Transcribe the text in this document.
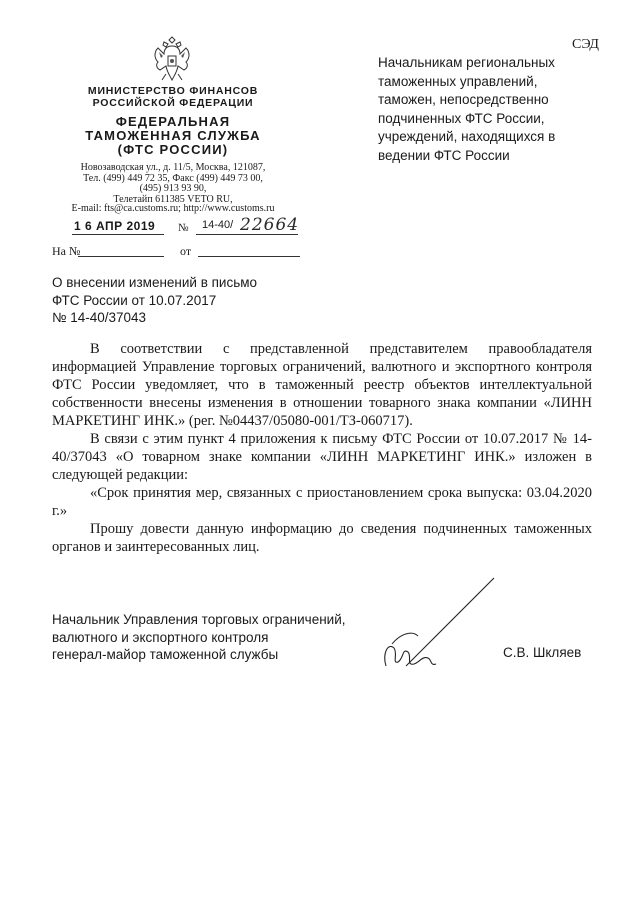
СЭД
МИНИСТЕРСТВО ФИНАНСОВ
РОССИЙСКОЙ ФЕДЕРАЦИИ
ФЕДЕРАЛЬНАЯ
ТАМОЖЕННАЯ СЛУЖБА
(ФТС РОССИИ)
Новозаводская ул., д. 11/5, Москва, 121087,
Тел. (499) 449 72 35, Факс (499) 449 73 00,
(495) 913 93 90,
Телетайп 611385 VETO RU,
E-mail: fts@ca.customs.ru; http://www.customs.ru
1 6 АПР 2019 № 14-40/ 22664
На №	от
Начальникам региональных
таможенных управлений,
таможен, непосредственно
подчиненных ФТС России,
учреждений, находящихся в
ведении ФТС России
О внесении изменений в письмо
ФТС России от 10.07.2017
№ 14-40/37043

В соответствии с представленной представителем правообладателя информацией Управление торговых ограничений, валютного и экспортного контроля ФТС России уведомляет, что в таможенный реестр объектов интеллектуальной собственности внесены изменения в отношении товарного знака компании «ЛИНН МАРКЕТИНГ ИНК.» (рег. №04437/05080-001/ТЗ-060717).

В связи с этим пункт 4 приложения к письму ФТС России от 10.07.2017 № 14-40/37043 «О товарном знаке компании «ЛИНН МАРКЕТИНГ ИНК.» изложен в следующей редакции:

«Срок принятия мер, связанных с приостановлением срока выпуска: 03.04.2020 г.»

Прошу довести данную информацию до сведения подчиненных таможенных органов и заинтересованных лиц.

Начальник Управления торговых ограничений,
валютного и экспортного контроля
генерал-майор таможенной службы	С.В. Шкляев
